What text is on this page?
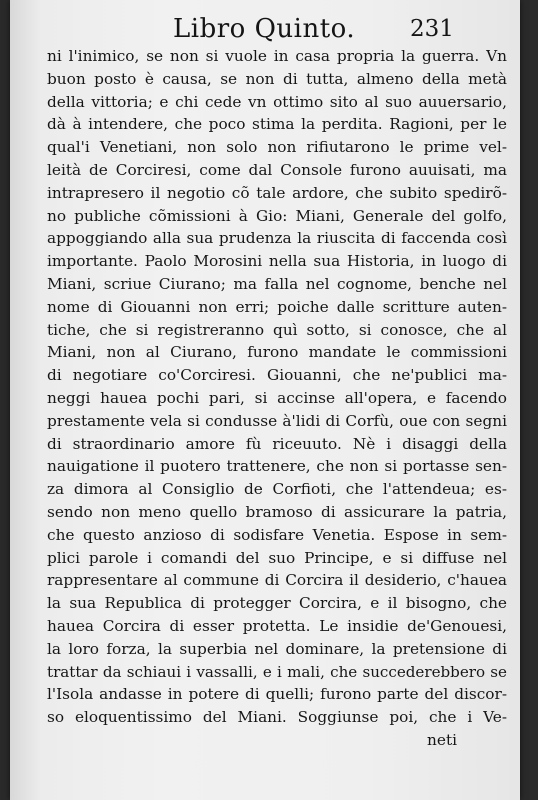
Libro Quinto. 231
ni l'inimico, se non si vuole in casa propria la guerra. Vn
buon posto è causa, se non di tutta, almeno della metà
della vittoria; e chi cede vn ottimo sito al suo auuersario,
dà à intendere, che poco stima la perdita. Ragioni, per le
qual'i Venetiani, non solo non rifiutarono le prime vel-
leità de Corciresi, come dal Console furono auuisati, ma
intrapresero il negotio cõ tale ardore, che subito spedirõ-
no publiche cõmissioni à Gio: Miani, Generale del golfo,
appoggiando alla sua prudenza la riuscita di faccenda così
importante. Paolo Morosini nella sua Historia, in luogo di
Miani, scriue Ciurano; ma falla nel cognome, benche nel
nome di Giouanni non erri; poiche dalle scritture auten-
tiche, che si registreranno quì sotto, si conosce, che al
Miani, non al Ciurano, furono mandate le commissioni
di negotiare co'Corciresi. Giouanni, che ne'publici ma-
neggi hauea pochi pari, si accinse all'opera, e facendo
prestamente vela si condusse à'lidi di Corfù, oue con segni
di straordinario amore fù riceuuto. Nè i disaggi della
nauigatione il puotero trattenere, che non si portasse sen-
za dimora al Consiglio de Corfioti, che l'attendeua; es-
sendo non meno quello bramoso di assicurare la patria,
che questo anzioso di sodisfare Venetia. Espose in sem-
plici parole i comandi del suo Principe, e si diffuse nel
rappresentare al commune di Corcira il desiderio, c'hauea
la sua Republica di protegger Corcira, e il bisogno, che
hauea Corcira di esser protetta. Le insidie de'Genouesi,
la loro forza, la superbia nel dominare, la pretensione di
trattar da schiaui i vassalli, e i mali, che succederebbero se
l'Isola andasse in potere di quelli; furono parte del discor-
so eloquentissimo del Miani. Soggiunse poi, che i Ve-
neti
